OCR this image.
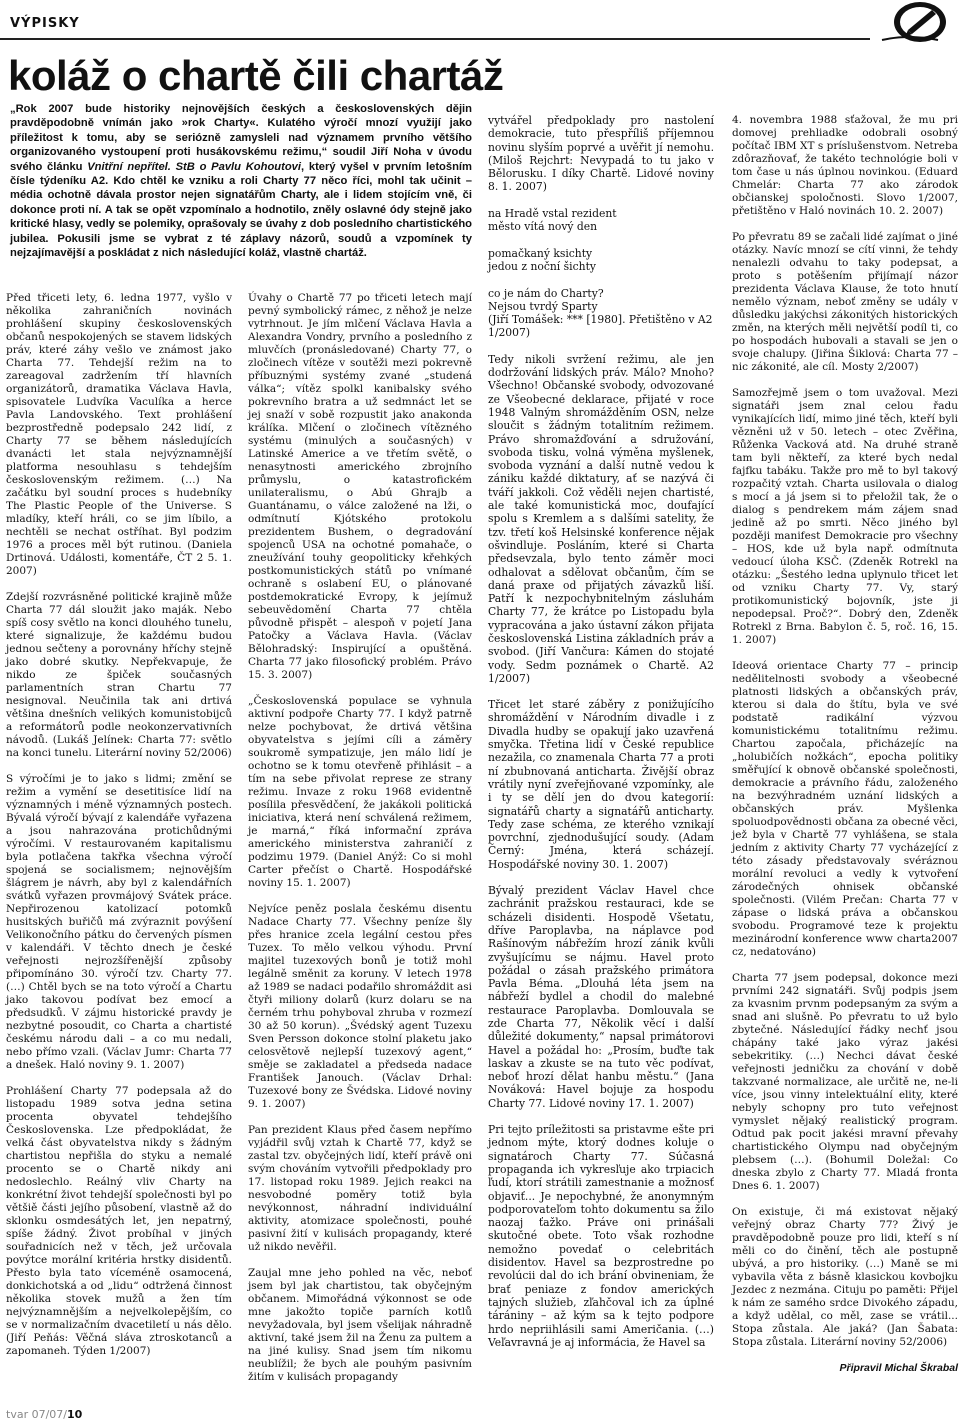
VÝPISKY
koláž o chartě čili chartáž
„Rok 2007 bude historiky nejnovějších českých a československých dějin pravděpodobně vnímán jako »rok Charty«. Kulatého výročí mnozí využijí jako příležitost k tomu, aby se seriózně zamysleli nad významem prvního většího organizovaného vystoupení proti husákovskému režimu,“ soudil Jiří Noha v úvodu svého článku Vnitřní nepřítel. StB o Pavlu Kohoutovi, který vyšel v prvním letošním čísle týdeníku A2. Kdo chtěl ke vzniku a roli Charty 77 něco říci, mohl tak učinit – média ochotně dávala prostor nejen signatářům Charty, ale i lidem stojícím vně, či dokonce proti ní. A tak se opět vzpomínalo a hodnotilo, zněly oslavné ódy stejně jako kritické hlasy, vedly se polemiky, oprašovaly se úvahy z dob posledního chartistického jubilea. Pokusili jsme se vybrat z té záplavy názorů, soudů a vzpomínek ty nejzajímavější a poskládat z nich následující koláž, vlastně chartáž.

Před třiceti lety, 6. ledna 1977, vyšlo v několika zahraničních novinách prohlášení skupiny československých občanů nespokojených se stavem lidských práv, které záhy vešlo ve známost jako Charta 77. Tehdejší režim na to zareagoval zadržením tří hlavních organizátorů, dramatika Václava Havla, spisovatele Ludvíka Vaculíka a herce Pavla Landovského. Text prohlášení bezprostředně podepsalo 242 lidí, z Charty 77 se během následujících dvanácti let stala nejvýznamnější platforma nesouhlasu s tehdejším československým režimem. (…) Na začátku byl soudní proces s hudebníky The Plastic People of the Universe. S mladíky, kteří hráli, co se jim líbilo, a nechtěli se nechat ostříhat. Byl podzim 1976 a proces měl být rutinou. (Daniela Drtinová. Události, komentáře, ČT 2 5. 1. 2007)

Zdejší rozvrásněné politické krajině může Charta 77 dál sloužit jako maják. Nebo spíš cosy světlo na konci dlouhého tunelu, které signalizuje, že každému budou jednou sečteny a porovnány hříchy stejně jako dobré skutky. Nepřekvapuje, že nikdo ze špiček současných parlamentních stran Chartu 77 nesignoval. Neučinila tak ani drtivá většina dnešních velikých komunistobijců a reformátorů podle neokonzervativních návodů. (Lukáš Jelínek: Charta 77: světlo na konci tunelu. Literární noviny 52/2006)

S výročími je to jako s lidmi; změní se režim a vymění se desetitisíce lidí na významných i méně významných postech. Bývalá výročí bývají z kalendáře vyřazena a jsou nahrazována protichůdnými výročími. V restaurovaném kapitalismu byla potlačena takřka všechna výročí spojená se socialismem; nejnovějším šlágrem je návrh, aby byl z kalendářních svátků vyřazen provmájový Svátek práce. Nepřirozenou katolizací potomků husitských buřičů má zvýraznit povýšení Velikonočního pátku do červených písmen v kalendáři. V těchto dnech je české veřejnosti nejrozšířenější způsoby připomínáno 30. výročí tzv. Charty 77. (…) Chtěl bych se na toto výročí a Chartu jako takovou podívat bez emocí a předsudků. V zájmu historické pravdy je nezbytné posoudit, co Charta a chartisté českému národu dali – a co mu nedali, nebo přímo vzali. (Václav Jumr: Charta 77 a dnešek. Haló noviny 9. 1. 2007)

Prohlášení Charty 77 podepsala až do listopadu 1989 sotva jedna setina procenta obyvatel tehdejšího Československa. Lze předpokládat, že velká část obyvatelstva nikdy s žádným chartistou nepřišla do styku a nemalé procento se o Chartě nikdy ani nedoslechlo. Reálný vliv Charty na konkrétní život tehdejší společnosti byl po většiě části jejího působení, vlastně až do sklonku osmdesátých let, jen nepatrný, spíše žádný. Život probíhal v jiných souřadnicích než v těch, jež určovala povýtce morální kritéria hrstky disidentů. Přesto byla tato víceméně osamocená, donkichotská a od „lidu“ odtržená činnost několika stovek mužů a žen tím nejvýznamnějším a nejvelkolepějším, co se v normalizačním dvacetiletí u nás dělo. (Jiří Peňás: Věčná sláva ztroskotanců a zapomaneh. Týden 1/2007)

Úvahy o Chartě 77 po třiceti letech mají pevný symbolický rámec, z něhož je nelze vytrhnout. Je jím mlčení Václava Havla a Alexandra Vondry, prvního a posledního z mluvčích (pronásledované) Charty 77, o zločinech vítěze v soutěži mezi pokrevně příbuznými systémy zvané „studená válka“; vítěz spolkl kanibalsky svého pokrevního bratra a už sedmnáct let se jej snaží v sobě rozpustit jako anakonda králíka. Mlčení o zločinech vítězného systému (minulých a současných) v Latinské Americe a ve třetím světě, o nenasytnosti amerického zbrojního průmyslu, o katastrofickém unilateralismu, o Abú Ghrajb a Guantánamu, o válce založené na lži, o odmítnutí Kjótského protokolu prezidentem Bushem, o degradování spojenců USA na ochotné pomahače, o zneužívání touhy geopoliticky křehkých postkomunistických států po vnímané ochraně s oslabení EU, o plánované postdemokratické Evropy, k jejímuž sebeuvědomění Charta 77 chtěla původně přispět – alespoň v pojetí Jana Patočky a Václava Havla. (Václav Bělohradský: Inspirující a opuštěná. Charta 77 jako filosofický problém. Právo 15. 3. 2007)

„Československá populace se vyhnula aktivní podpoře Charty 77. I když patrně nelze pochybovat, že drtivá většina obyvatelstva s jejími cíli a záměry soukromě sympatizuje, jen málo lidí je ochotno se k tomu otevřeně přihlásit – a tím na sebe přivolat represe ze strany režimu. Invaze z roku 1968 evidentně posílila přesvědčení, že jakákoli politická iniciativa, která není schválená režimem, je marná,“ říká informační zpráva amerického ministerstva zahraničí z podzimu 1979. (Daniel Anýž: Co si mohl Carter přečíst o Chartě. Hospodářské noviny 15. 1. 2007)

Nejvíce peněz poslala českému disentu Nadace Charty 77. Všechny peníze šly přes hranice zcela legální cestou přes Tuzex. To mělo velkou výhodu. První majitel tuzexových bonů je totiž mohl legálně směnit za koruny. V letech 1978 až 1989 se nadaci podařilo shromáždit asi čtyři miliony dolarů (kurz dolaru se na černém trhu pohyboval zhruba v rozmezí 30 až 50 korun). „Švédský agent Tuzexu Sven Persson dokonce stolní plaketu jako celosvětově nejlepší tuzexový agent,“ směje se zakladatel a předseda nadace František Janouch. (Václav Drhal: Tuzexové bony ze Švédska. Lidové noviny 9. 1. 2007)

Pan prezident Klaus před časem nepřímo vyjádřil svůj vztah k Chartě 77, když se zastal tzv. obyčejných lidí, kteří právě oni svým chováním vytvořili předpoklady pro 17. listopad roku 1989. Jejich reakci na nesvobodné poměry totiž byla nevýkonnost, náhradní individuální aktivity, atomizace společnosti, pouhé pasivní žití v kulisách propagandy, které už nikdo nevěřil.

Zaujal mne jeho pohled na věc, neboť jsem byl jak chartistou, tak obyčejným občanem. Mimořádná výkonnost se ode mne jakožto topiče parních kotlů nevyžadovala, byl jsem všelijak náhradně aktivní, také jsem žil na Ženu za pultem a na jiné kulisy. Snad jsem tím nikomu neublížil; že bych ale pouhým pasivním žitím v kulisách propagandy

vytvářel předpoklady pro nastolení demokracie, tuto přespříliš příjemnou novinu slyším poprvé a uvěřit jí nemohu. (Miloš Rejchrt: Nevypadá to tu jako v Bělorusku. I díky Chartě. Lidové noviny 8. 1. 2007)

na Hradě vstal rezident
město vítá nový den

pomačkaný ksichty
jedou z noční šichty

co je nám do Charty?
Nejsou tvrdý Sparty
(Jiří Tomášek: *** [1980]. Přetištěno v A2 1/2007)

Tedy nikoli svržení režimu, ale jen dodržování lidských práv. Málo? Mnoho? Všechno! Občanské svobody, odvozované ze Všeobecné deklarace, přijaté v roce 1948 Valným shromážděním OSN, nelze sloučit s žádným totalitním režimem. Právo shromažďování a sdružování, svoboda tisku, volná výměna myšlenek, svoboda vyznání a další nutně vedou k zániku každé diktatury, ať se nazývá či tváří jakkoli. Což věděli nejen chartisté, ale také komunistická moc, doufající spolu s Kremlem a s dalšími satelity, že tzv. třetí koš Helsinské konference nějak ošvindluje. Posláním, které si Charta předsevzala, bylo tento záměr moci odhalovat a sdělovat občanům, čím se daná praxe od přijatých závazků liší. Patří k nezpochybnitelným zásluhám Charty 77, že krátce po Listopadu byla vypracována a jako ústavní zákon přijata československá Listina základních práv a svobod. (Jiří Vančura: Kámen do stojaté vody. Sedm poznámek o Chartě. A2 1/2007)

Třicet let staré záběry z ponižujícího shromáždění v Národním divadle i z Divadla hudby se opakují jako uzavřená smyčka. Třetina lidí v České republice nezažila, co znamenala Charta 77 a proti ní zbubnovaná anticharta. Živější obraz vrátily nyní zveřejňované vzpomínky, ale i ty se dělí jen do dvou kategorií: signatářů charty a signatářů anticharty. Tedy zase schéma, ze kterého vznikají povrchní, zjednodušující soudy. (Adam Černý: Jména, která scházejí. Hospodářské noviny 30. 1. 2007)

Bývalý prezident Václav Havel chce zachránit pražskou restauraci, kde se scházeli disidenti. Hospodě Všetatu, dříve Paroplavba, na náplavce pod Rašínovým nábřežím hrozí zánik kvůli zvyšujícímu se nájmu. Havel proto požádal o zásah pražského primátora Pavla Béma. „Dlouhá léta jsem na nábřeží bydlel a chodil do malebné restaurace Paroplavba. Domlouvala se zde Charta 77, Několik věcí i další důležité dokumenty,“ napsal primátorovi Havel a požádal ho: „Prosím, buďte tak laskav a zkuste se na tuto věc podívat, neboť hrozí dělat hanbu městu.“ (Jana Nováková: Havel bojuje za hospodu Charty 77. Lidové noviny 17. 1. 2007)

Pri tejto príležitosti sa pristavme ešte pri jednom mýte, ktorý dodnes koluje o signatároch Charty 77. Súčasná propaganda ich vykresľuje ako trpiacich ľudí, ktorí strátili zamestnanie a možnosť objaviť... Je nepochybné, že anonymným podporovateľom tohto dokumentu sa žilo naozaj ťažko. Práve oni prinášali skutočné obete. Toto však rozhodne nemožno povedať o celebritách disidentov. Havel sa bezprostredne po revolúcii dal do ich brání obvineniam, že brať peniaze z fondov amerických tajných služieb, zľahčoval ich za úplné tárániny – až kým sa k tejto podpore hrdo nepriihlásili sami Američania. (…) Veľavravná je aj informácia, že Havel sa

4. novembra 1988 sťažoval, že mu pri domovej prehliadke odobrali osobný počítač IBM XT s príslušenstvom. Netreba zdôrazňovať, že takéto technológie boli v tom čase u nás úplnou novinkou. (Eduard Chmelár: Charta 77 ako zárodok občianskej spoločnosti. Slovo 1/2007, přetištěno v Haló novinách 10. 2. 2007)

Po převratu 89 se začali lidé zajímat o jiné otázky. Navíc mnozí se cítí vinni, že tehdy nenalezli odvahu to taky podepsat, a proto s potěšením přijímají názor prezidenta Václava Klause, že toto hnutí nemělo význam, neboť změny se udály v důsledku jakýchsi zákonitých historických změn, na kterých měli největší podíl ti, co po hospodách hubovali a stavali se jen o svoje chalupy. (Jiřina Šiklová: Charta 77 – nic zákonité, ale cíl. Mosty 2/2007)

Samozřejmě jsem o tom uvažoval. Mezi signatáři jsem znal celou řadu vynikajících lidí, mimo jiné těch, kteří byli vězněni už v 50. letech – otec Zvěřina, Růženka Vacková atd. Na druhé straně tam byli někteří, za které bych nedal fajfku tabáku. Takže pro mě to byl takový rozpačitý vztah. Charta usilovala o dialog s mocí a já jsem si to přeložil tak, že o dialog s pendrekem mám zájem snad jedině až po smrti. Něco jiného byl později manifest Demokracie pro všechny – HOS, kde už byla např. odmítnuta vedoucí úloha KSČ. (Zdeněk Rotrekl na otázku: „Šestého ledna uplynulo třicet let od vzniku Charty 77. Vy, starý protikomunistický bojovník, jste ji nepodepsal. Proč?“. Dobrý den, Zdeněk Rotrekl z Brna. Babylon č. 5, roč. 16, 15. 1. 2007)

Ideová orientace Charty 77 – princip nedělitelnosti svobody a všeobecné platnosti lidských a občanských práv, kterou si dala do štítu, byla ve své podstatě radikální výzvou komunistickému totalitnímu režimu. Chartou započala, přicházejíc na „holubičích nožkách“, epocha politiky směřující k obnově občanské společnosti, demokracie a právního řádu, založeného na bezvýhradném uznání lidských a občanských práv. Myšlenka spoluodpovědnosti občana za obecné věci, jež byla v Chartě 77 vyhlášena, se stala jedním z aktivity Charty 77 vycházející z této zásady představovaly svéráznou morální revoluci a vedly k vytvoření zárodečných ohnisek občanské společnosti. (Vilém Prečan: Charta 77 v zápase o lidská práva a občanskou svobodu. Programové teze k projektu mezinárodní konference www charta2007 cz, nedatováno)

Charta 77 jsem podepsal, dokonce mezi prvními 242 signatáři. Svůj podpis jsem za kvasnim prvnm podepsaným za svým a snad ani slušně. Po převratu to už bylo zbytečné. Následující řádky nechť jsou chápány také jako výraz jakési sebekritiky. (…) Nechci dávat české veřejnosti jedničku za chování v době takzvané normalizace, ale určitě ne, ne-li více, jsou vinny intelektuální elity, které nebyly schopny pro tuto veřejnost vymyslet nějaký realistický program. Odtud pak pocit jakési mravní převahy chartistického Olympu nad obyčejným plebsem (…). (Bohumil Doležal: Co dneska zbylo z Charty 77. Mladá fronta Dnes 6. 1. 2007)

On existuje, či má existovat nějaký veřejný obraz Charty 77? Živý je pravděpodobně pouze pro lidi, kteří s ní měli co do činění, těch ale postupně ubývá, a pro historiky. (…) Maně se mi vybavila věta z básně klasickou kovbojku Jezdec z nezmána. Cituju po paměti: Přijel k nám ze samého srdce Divokého západu, a když udělal, co měl, zase se vrátil... Stopa zůstala. Ale jaká? (Jan Šabata: Stopa zůstala. Literární noviny 52/2006)

Připravil Michal Škrabal

tvar 07/07/10
